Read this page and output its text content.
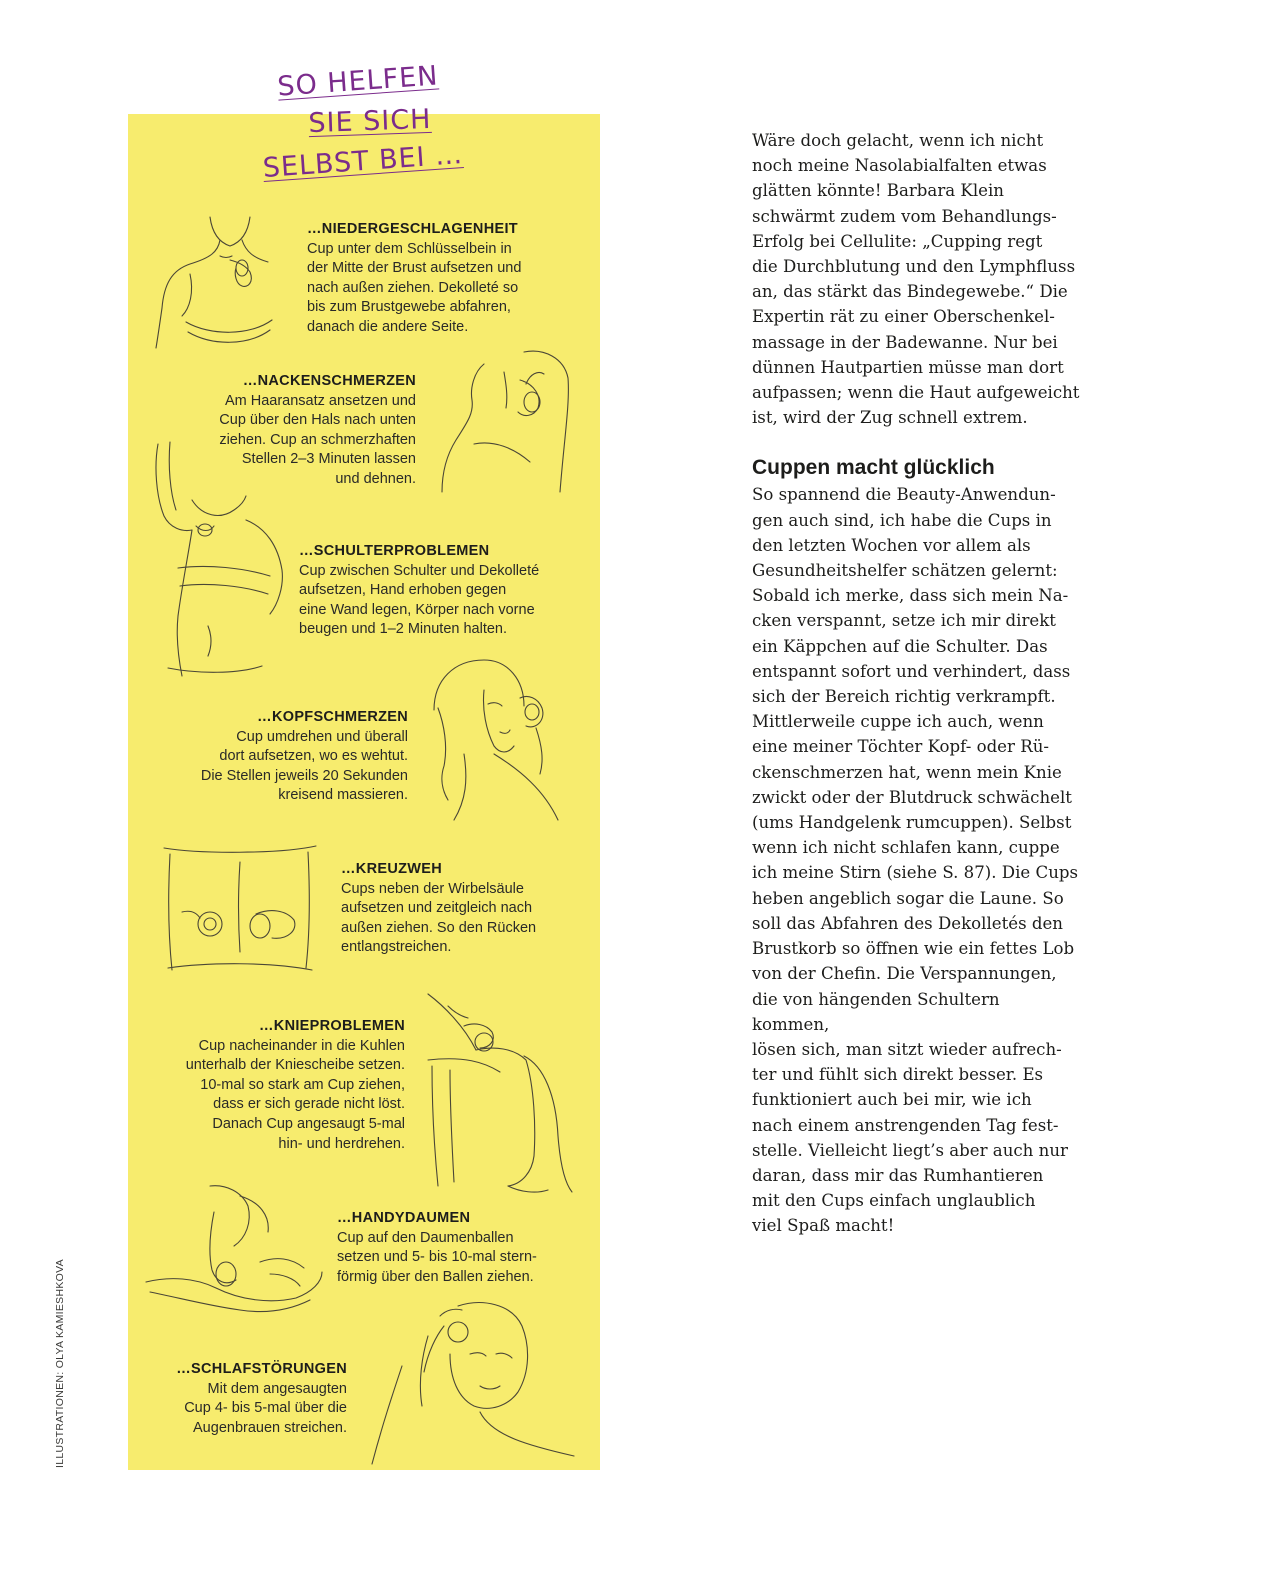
SO HELFEN
SIE SICH
SELBST BEI …
…NIEDERGESCHLAGENHEIT
Cup unter dem Schlüsselbein in
der Mitte der Brust aufsetzen und
nach außen ziehen. Dekolleté so
bis zum Brustgewebe abfahren,
danach die andere Seite.
…NACKENSCHMERZEN
Am Haaransatz ansetzen und
Cup über den Hals nach unten
ziehen. Cup an schmerzhaften
Stellen 2–3 Minuten lassen
und dehnen.
…SCHULTERPROBLEMEN
Cup zwischen Schulter und Dekolleté
aufsetzen, Hand erhoben gegen
eine Wand legen, Körper nach vorne
beugen und 1–2 Minuten halten.
…KOPFSCHMERZEN
Cup umdrehen und überall
dort aufsetzen, wo es wehtut.
Die Stellen jeweils 20 Sekunden
kreisend massieren.
…KREUZWEH
Cups neben der Wirbelsäule
aufsetzen und zeitgleich nach
außen ziehen. So den Rücken
entlangstreichen.
…KNIEPROBLEMEN
Cup nacheinander in die Kuhlen
unterhalb der Kniescheibe setzen.
10-mal so stark am Cup ziehen,
dass er sich gerade nicht löst.
Danach Cup angesaugt 5-mal
hin- und herdrehen.
…HANDYDAUMEN
Cup auf den Daumenballen
setzen und 5- bis 10-mal stern-
förmig über den Ballen ziehen.
…SCHLAFSTÖRUNGEN
Mit dem angesaugten
Cup 4- bis 5-mal über die
Augenbrauen streichen.
ILLUSTRATIONEN: OLYA KAMIESHKOVA

Wäre doch gelacht, wenn ich nicht
noch meine Nasolabialfalten etwas
glätten könnte! Barbara Klein
schwärmt zudem vom Behandlungs-
Erfolg bei Cellulite: „Cupping regt
die Durchblutung und den Lymphfluss
an, das stärkt das Bindegewebe.“ Die
Expertin rät zu einer Oberschenkel-
massage in der Badewanne. Nur bei
dünnen Hautpartien müsse man dort
aufpassen; wenn die Haut aufgeweicht
ist, wird der Zug schnell extrem.

Cuppen macht glücklich

So spannend die Beauty-Anwendun-
gen auch sind, ich habe die Cups in
den letzten Wochen vor allem als
Gesundheitshelfer schätzen gelernt:
Sobald ich merke, dass sich mein Na-
cken verspannt, setze ich mir direkt
ein Käppchen auf die Schulter. Das
entspannt sofort und verhindert, dass
sich der Bereich richtig verkrampft.
Mittlerweile cuppe ich auch, wenn
eine meiner Töchter Kopf- oder Rü-
ckenschmerzen hat, wenn mein Knie
zwickt oder der Blutdruck schwächelt
(ums Handgelenk rumcuppen). Selbst
wenn ich nicht schlafen kann, cuppe
ich meine Stirn (siehe S. 87). Die Cups
heben angeblich sogar die Laune. So
soll das Abfahren des Dekolletés den
Brustkorb so öffnen wie ein fettes Lob
von der Chefin. Die Verspannungen,
die von hängenden Schultern kommen,
lösen sich, man sitzt wieder aufrech-
ter und fühlt sich direkt besser. Es
funktioniert auch bei mir, wie ich
nach einem anstrengenden Tag fest-
stelle. Vielleicht liegt’s aber auch nur
daran, dass mir das Rumhantieren
mit den Cups einfach unglaublich
viel Spaß macht!
